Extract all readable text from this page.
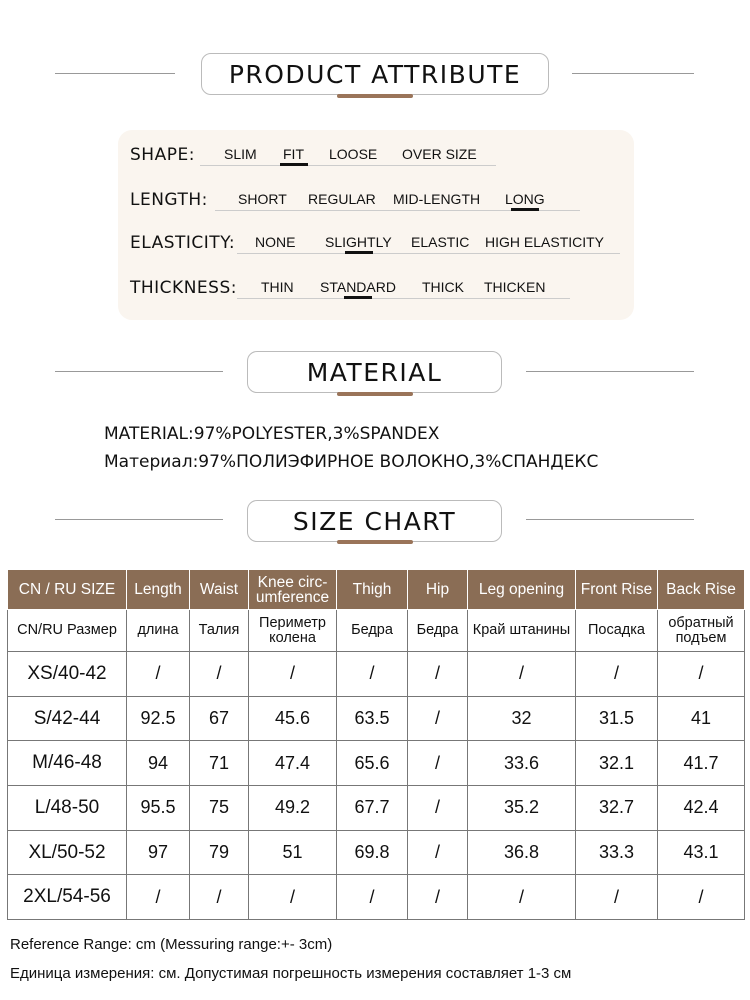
PRODUCT ATTRIBUTE
SHAPE: SLIM FIT LOOSE OVER SIZE
LENGTH: SHORT REGULAR MID-LENGTH LONG
ELASTICITY: NONE SLIGHTLY ELASTIC HIGH ELASTICITY
THICKNESS: THIN STANDARD THICK THICKEN
MATERIAL
MATERIAL:97%POLYESTER,3%SPANDEX
Материал:97%ПОЛИЭФИРНОЕ ВОЛОКНО,3%СПАНДЕКС
SIZE CHART
CN / RU SIZE	Length	Waist	Knee circ-umference	Thigh	Hip	Leg opening	Front Rise	Back Rise
CN/RU Размер	длина	Талия	Периметр колена	Бедра	Бедра	Край штанины	Посадка	обратный подъем
XS/40-42	/	/	/	/	/	/	/	/
S/42-44	92.5	67	45.6	63.5	/	32	31.5	41
M/46-48	94	71	47.4	65.6	/	33.6	32.1	41.7
L/48-50	95.5	75	49.2	67.7	/	35.2	32.7	42.4
XL/50-52	97	79	51	69.8	/	36.8	33.3	43.1
2XL/54-56	/	/	/	/	/	/	/	/
Reference Range: cm (Messuring range:+- 3cm)
Единица измерения: см. Допустимая погрешность измерения составляет 1-3 см
